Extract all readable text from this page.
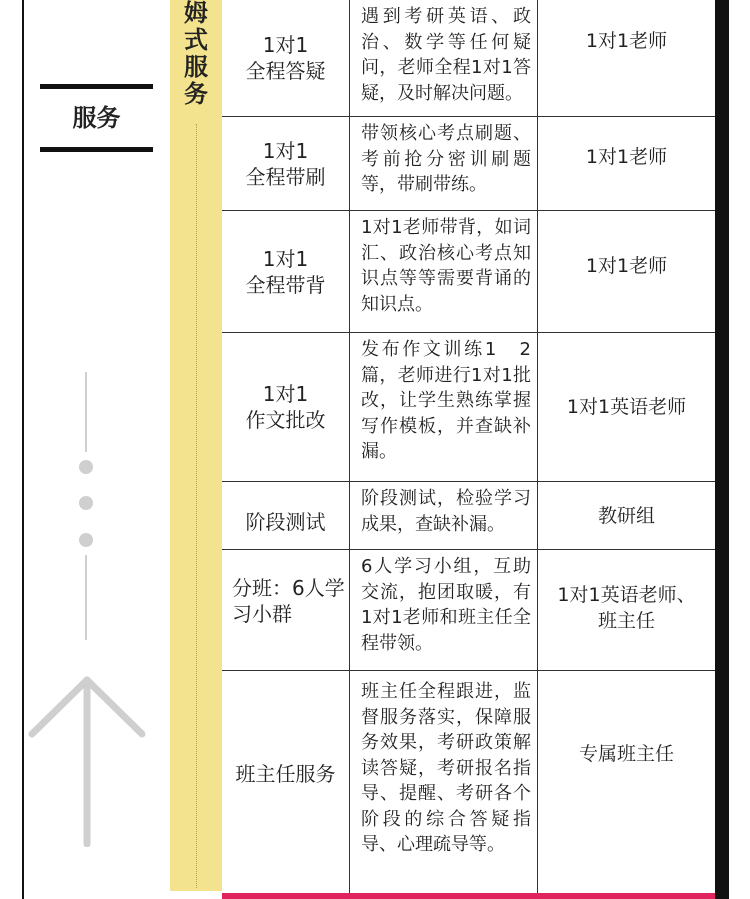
服务
姆
式
服
务
1对1
全程答疑
遇到考研英语、政治、数学等任何疑问，老师全程1对1答疑，及时解决问题。
1对1老师
1对1
全程带刷
带领核心考点刷题、考前抢分密训刷题等，带刷带练。
1对1老师
1对1
全程带背
1对1老师带背，如词汇、政治核心考点知识点等等需要背诵的知识点。
1对1老师
1对1
作文批改
发布作文训练1　2篇，老师进行1对1批改，让学生熟练掌握写作模板，并查缺补漏。
1对1英语老师
阶段测试
阶段测试，检验学习成果，查缺补漏。	教研组
分班：6人学
习小群
6人学习小组，互助交流，抱团取暖，有1对1老师和班主任全程带领。
1对1英语老师、
班主任
班主任服务
班主任全程跟进，监督服务落实，保障服务效果，考研政策解读答疑，考研报名指导、提醒、考研各个阶段的综合答疑指导、心理疏导等。
专属班主任
